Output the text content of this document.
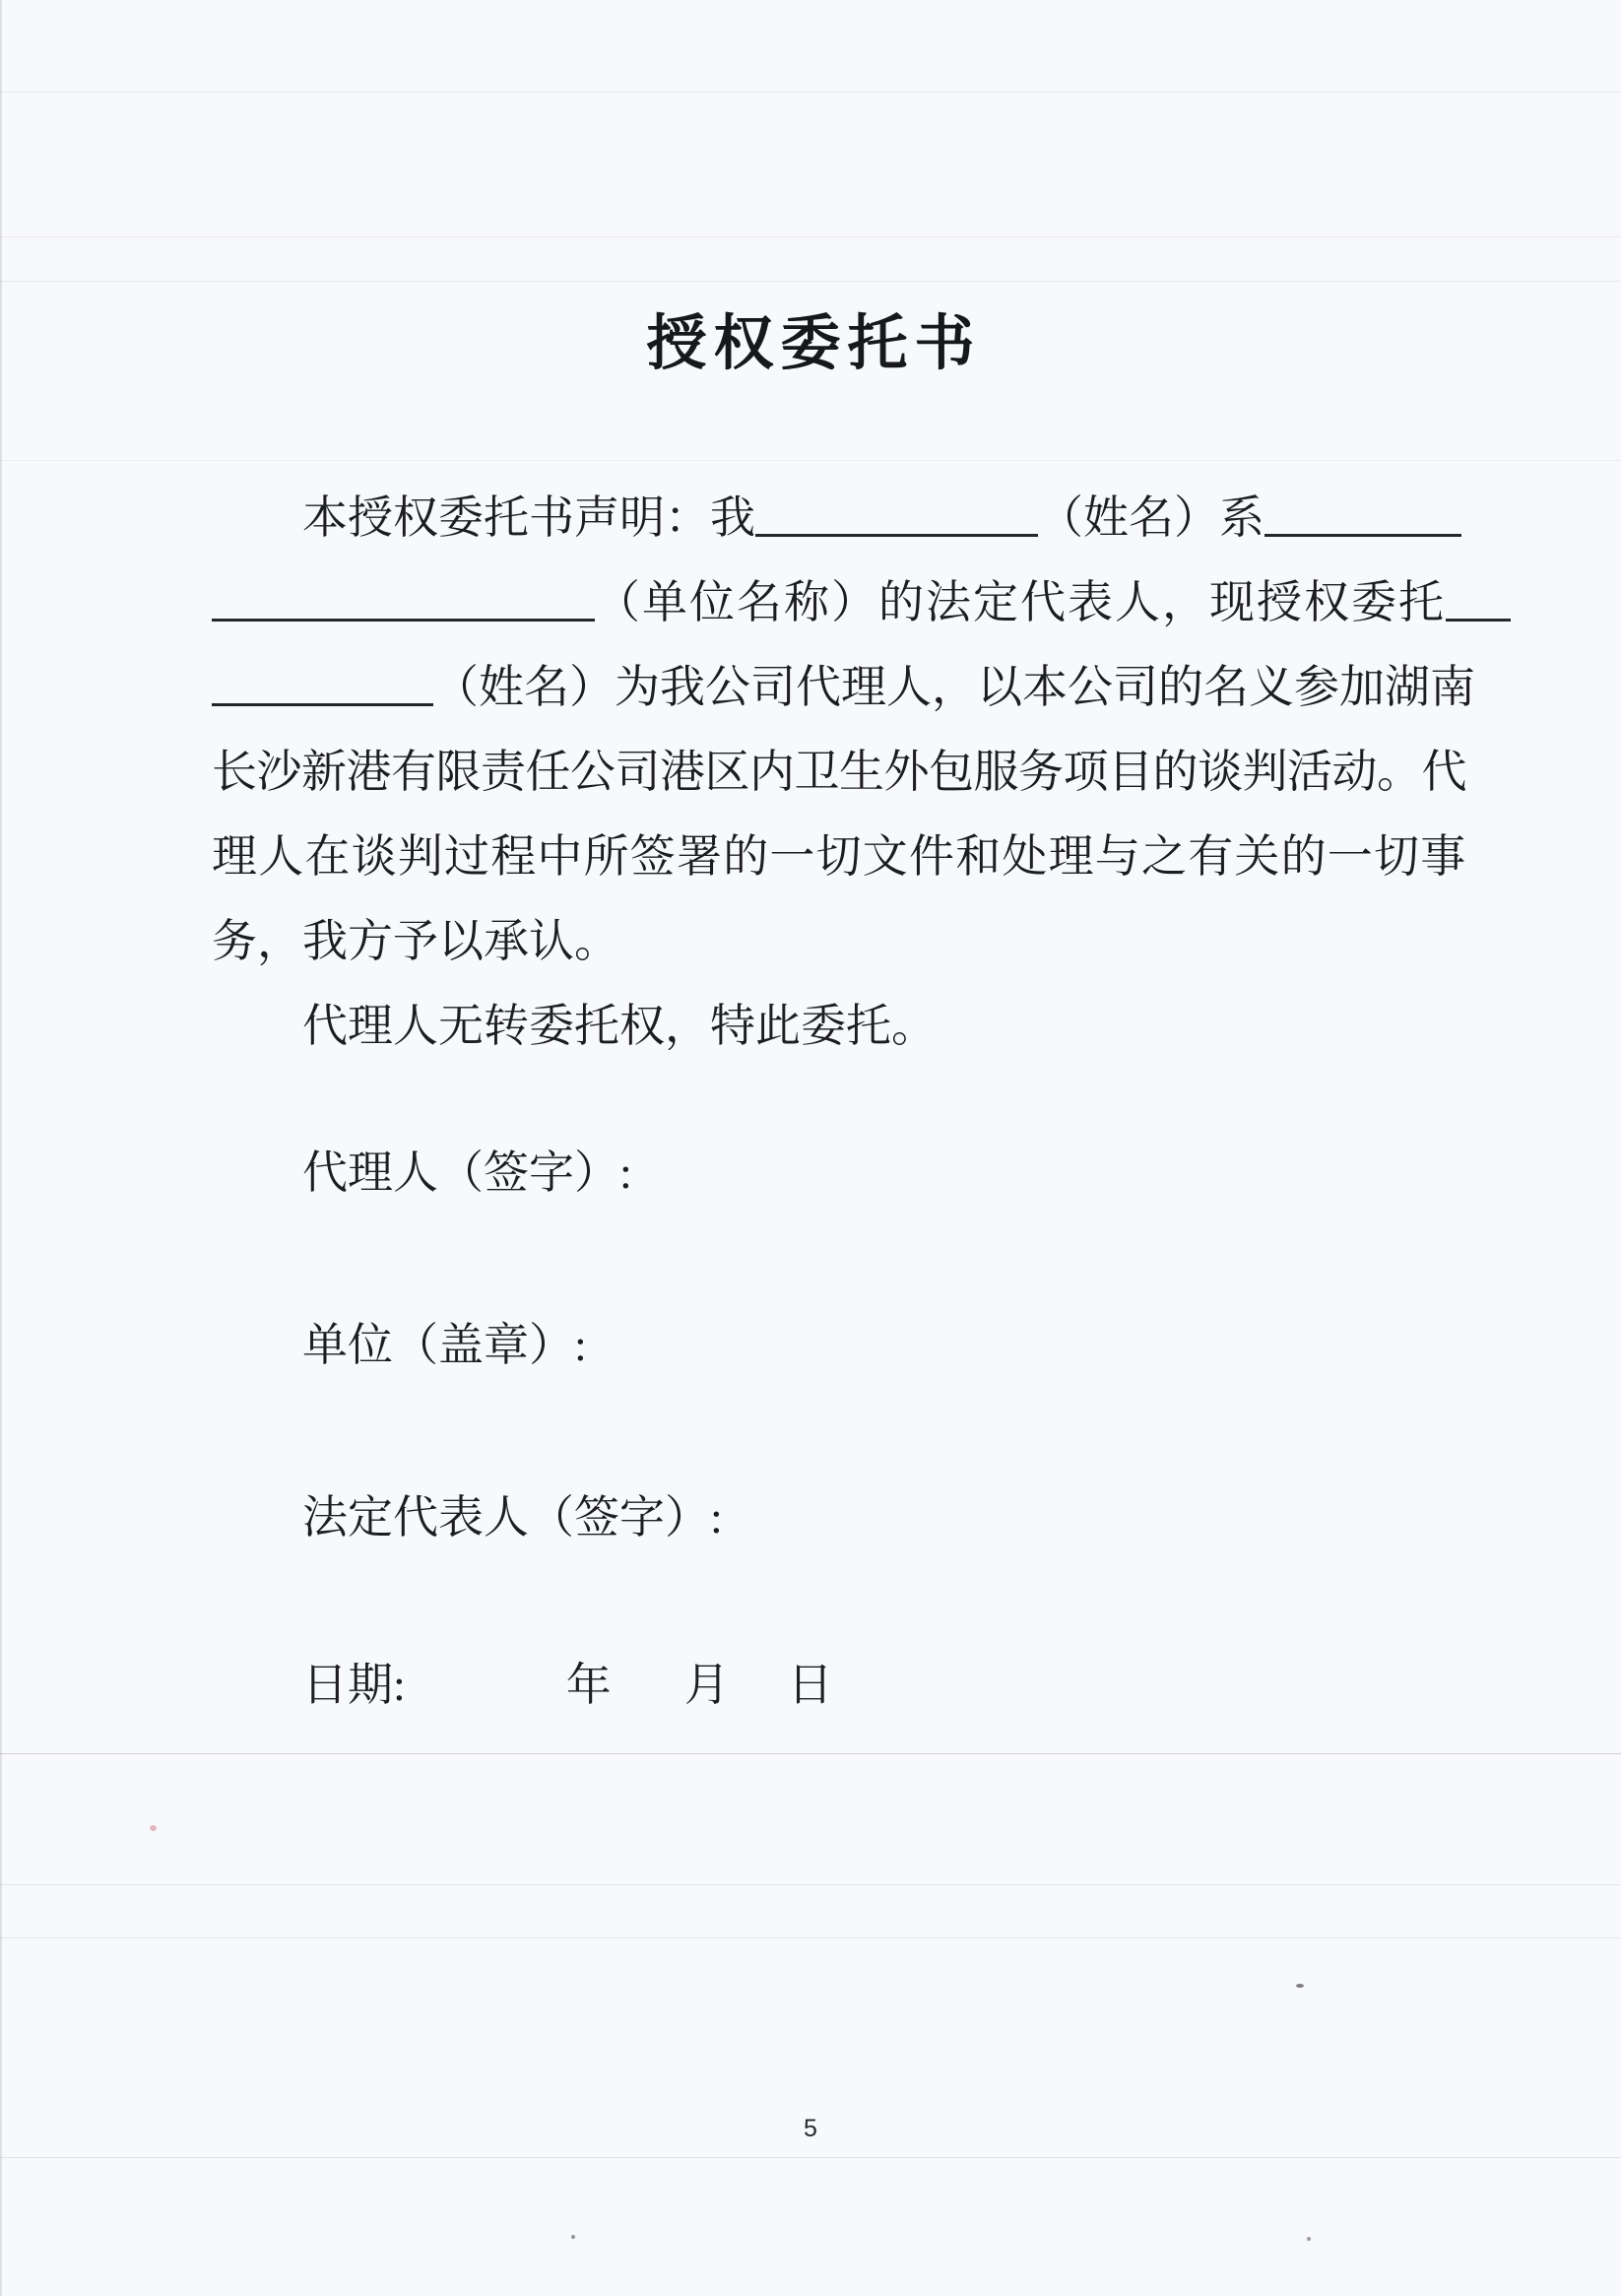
授权委托书
本授权委托书声明：我	（姓名）系
（单位名称）的法定代表人，现授权委托
（姓名）为我公司代理人，以本公司的名义参加湖南
长沙新港有限责任公司港区内卫生外包服务项目的谈判活动。代
理人在谈判过程中所签署的一切文件和处理与之有关的一切事
务，我方予以承认。
代理人无转委托权，特此委托。
代理人（签字）:
单位（盖章）:
法定代表人（签字）:
日期:	年 月 日
5
